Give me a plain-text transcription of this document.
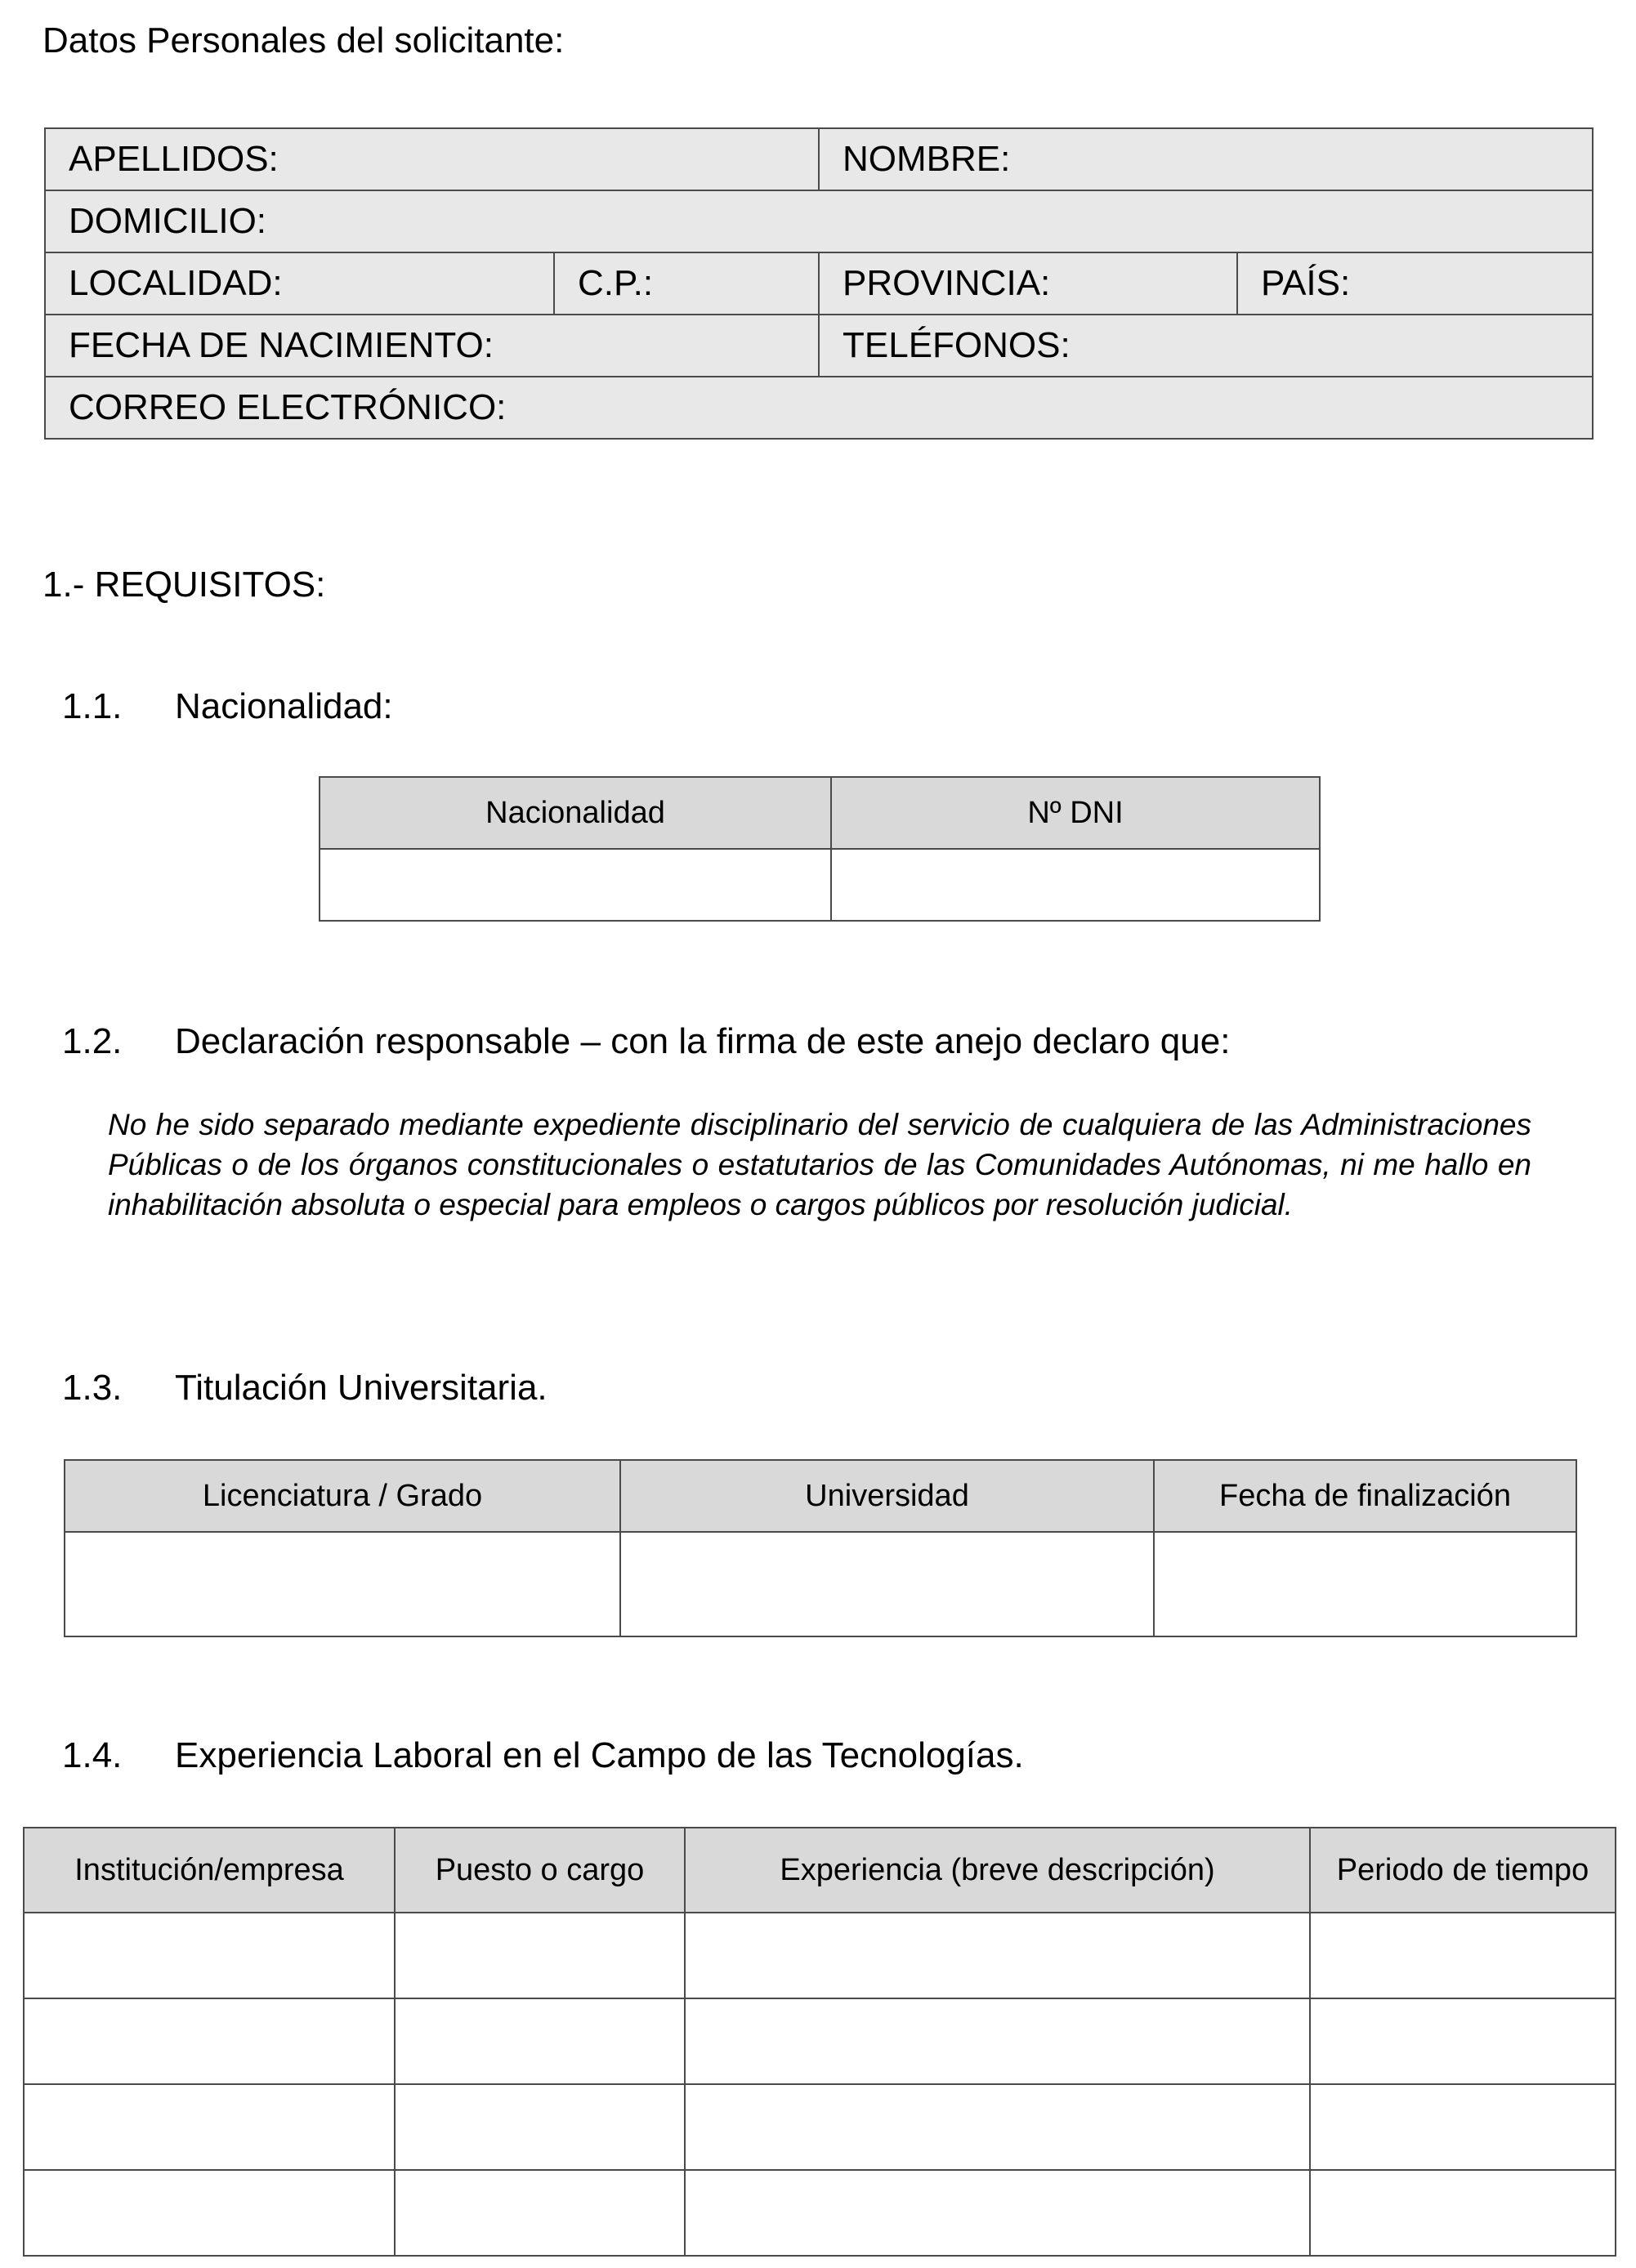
Datos Personales del solicitante:
APELLIDOS:		NOMBRE:	
DOMICILIO:			
LOCALIDAD:	C.P.:	PROVINCIA:	PAÍS:
FECHA DE NACIMIENTO:		TELÉFONOS:	
CORREO ELECTRÓNICO:			
1.- REQUISITOS:
1.1. Nacionalidad:
Nacionalidad	Nº DNI

1.2. Declaración responsable – con la firma de este anejo declaro que:
No he sido separado mediante expediente disciplinario del servicio de cualquiera de las Administraciones Públicas o de los órganos constitucionales o estatutarios de las Comunidades Autónomas, ni me hallo en inhabilitación absoluta o especial para empleos o cargos públicos por resolución judicial.
1.3. Titulación Universitaria.
Licenciatura / Grado	Universidad	Fecha de finalización

1.4. Experiencia Laboral en el Campo de las Tecnologías.
Institución/empresa	Puesto o cargo	Experiencia (breve descripción)	Periodo de tiempo
